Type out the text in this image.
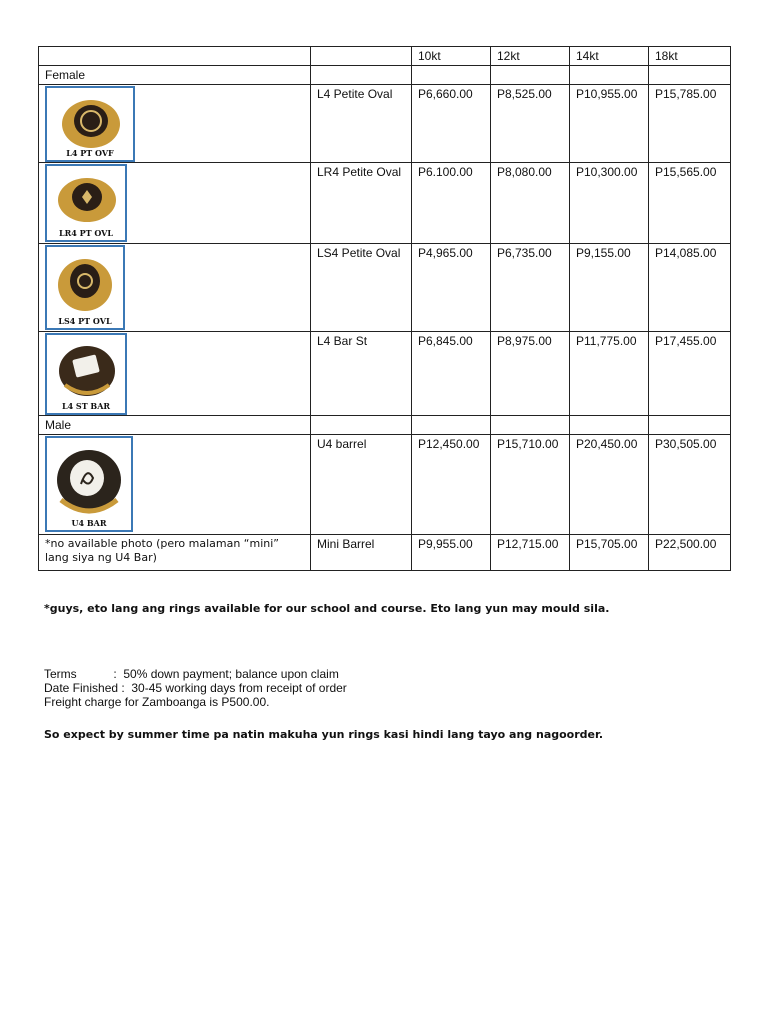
		10kt	12kt	14kt	18kt
Female					

L4 PT OVF	L4 Petite Oval	P6,660.00	P8,525.00	P10,955.00	P15,785.00

LR4 PT OVL	LR4 Petite Oval	P6.100.00	P8,080.00	P10,300.00	P15,565.00

LS4 PT OVL	LS4 Petite Oval	P4,965.00	P6,735.00	P9,155.00	P14,085.00

L4 ST BAR	L4 Bar St	P6,845.00	P8,975.00	P11,775.00	P17,455.00
Male					

U4 BAR	U4 barrel	P12,450.00	P15,710.00	P20,450.00	P30,505.00
*no available photo (pero malaman “mini” lang siya ng U4 Bar)	Mini Barrel	P9,955.00	P12,715.00	P15,705.00	P22,500.00
*guys, eto lang ang rings available for our school and course. Eto lang yun may mould sila.
Terms           :  50% down payment; balance upon claim
Date Finished :  30-45 working days from receipt of order
Freight charge for Zamboanga is P500.00.
So expect by summer time pa natin makuha yun rings kasi hindi lang tayo ang nagoorder.
